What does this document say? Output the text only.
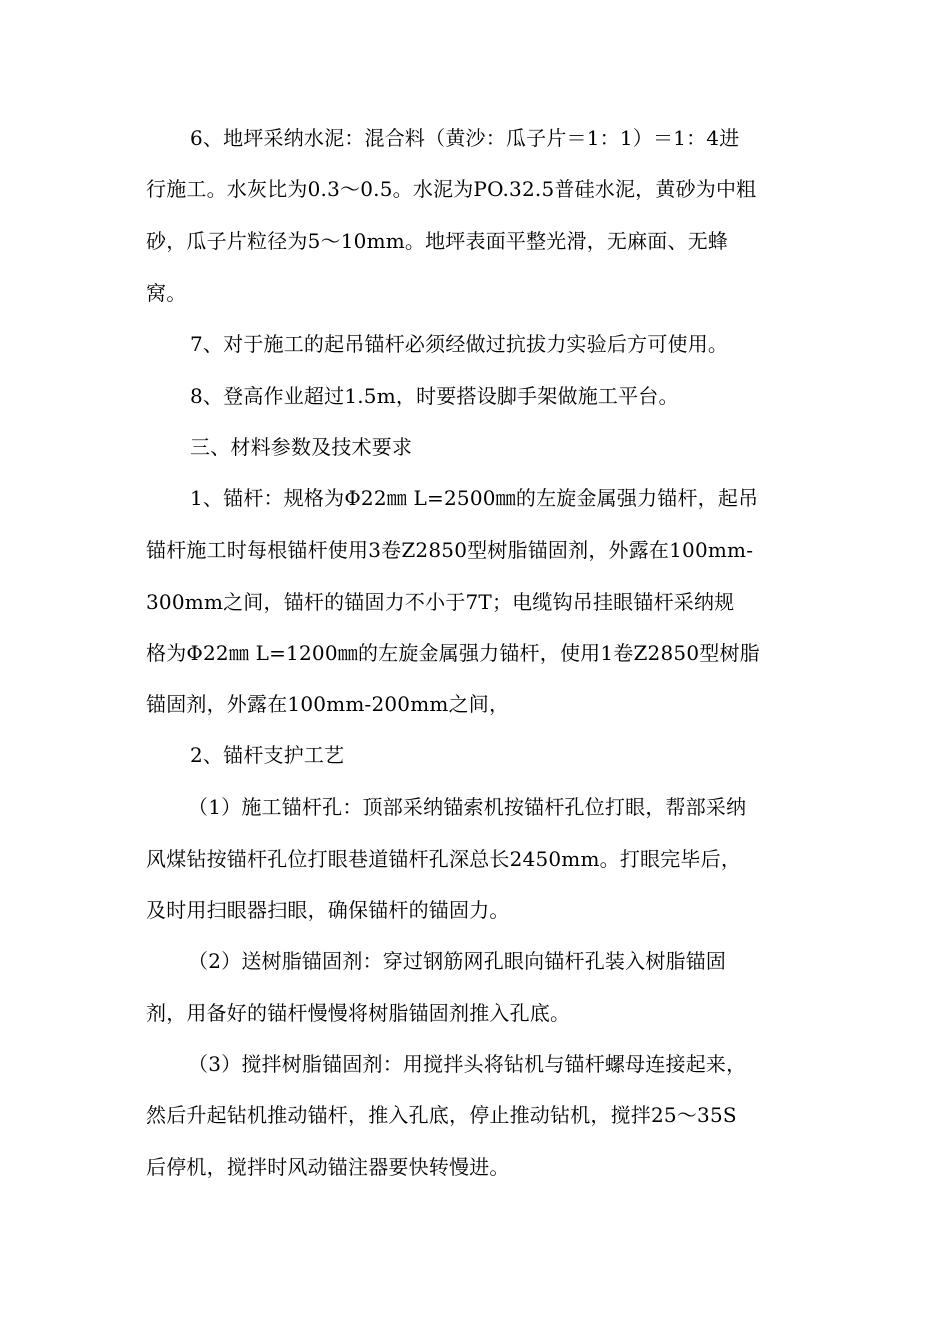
6、地坪采纳水泥：混合料（黄沙：瓜子片＝1：1）＝1：4进
行施工。水灰比为0.3～0.5。水泥为PO.32.5普硅水泥，黄砂为中粗
砂，瓜子片粒径为5～10mm。地坪表面平整光滑，无麻面、无蜂
窝。
7、对于施工的起吊锚杆必须经做过抗拔力实验后方可使用。
8、登高作业超过1.5m，时要搭设脚手架做施工平台。
三、材料参数及技术要求
1、锚杆：规格为Φ22㎜ L=2500㎜的左旋金属强力锚杆，起吊
锚杆施工时每根锚杆使用3卷Z2850型树脂锚固剂，外露在100mm-
300mm之间，锚杆的锚固力不小于7T；电缆钩吊挂眼锚杆采纳规
格为Φ22㎜ L=1200㎜的左旋金属强力锚杆，使用1卷Z2850型树脂
锚固剂，外露在100mm-200mm之间，
2、锚杆支护工艺
（1）施工锚杆孔：顶部采纳锚索机按锚杆孔位打眼，帮部采纳
风煤钻按锚杆孔位打眼巷道锚杆孔深总长2450mm。打眼完毕后，
及时用扫眼器扫眼，确保锚杆的锚固力。
（2）送树脂锚固剂：穿过钢筋网孔眼向锚杆孔装入树脂锚固
剂，用备好的锚杆慢慢将树脂锚固剂推入孔底。
（3）搅拌树脂锚固剂：用搅拌头将钻机与锚杆螺母连接起来，
然后升起钻机推动锚杆，推入孔底，停止推动钻机，搅拌25～35S
后停机，搅拌时风动锚注器要快转慢进。
